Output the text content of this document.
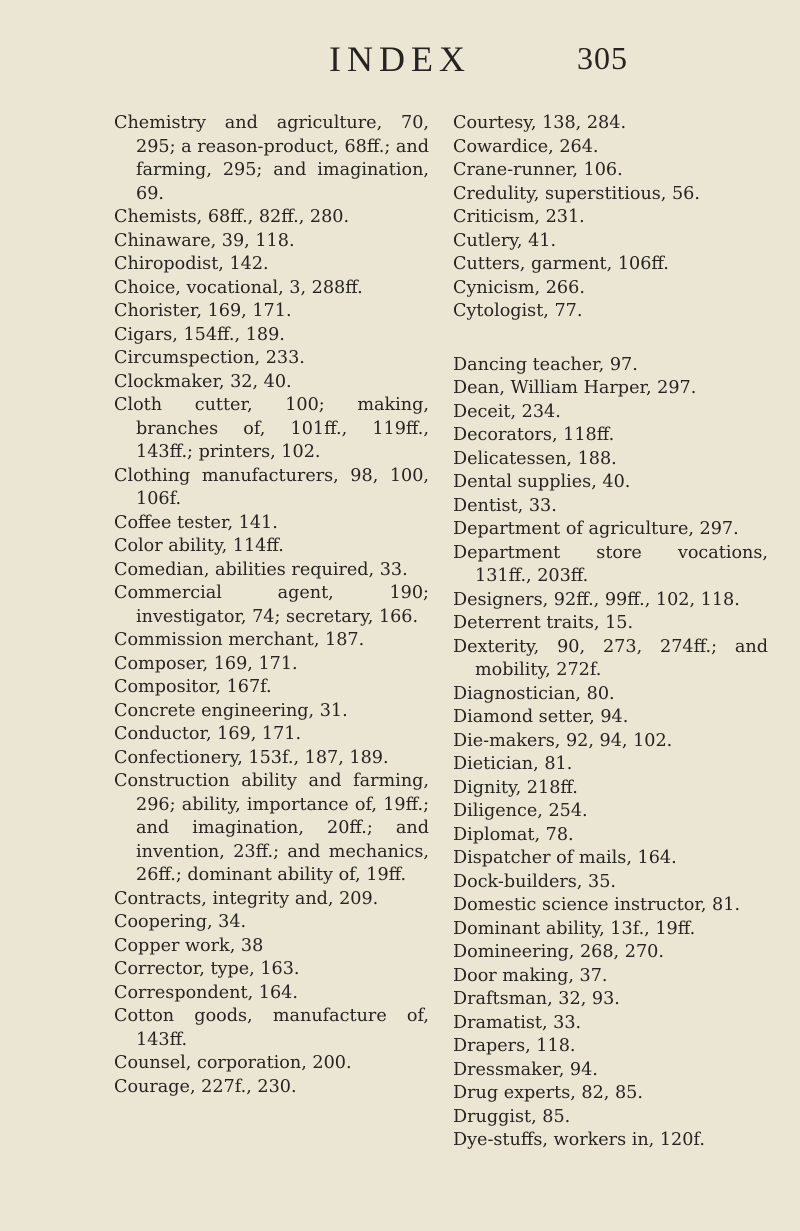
INDEX	305

Chemistry and agriculture, 70, 295; a reason-product, 68ff.; and farming, 295; and imagination, 69.

Chemists, 68ff., 82ff., 280.

Chinaware, 39, 118.

Chiropodist, 142.

Choice, vocational, 3, 288ff.

Chorister, 169, 171.

Cigars, 154ff., 189.

Circumspection, 233.

Clockmaker, 32, 40.

Cloth cutter, 100; making, branches of, 101ff., 119ff., 143ff.; printers, 102.

Clothing manufacturers, 98, 100, 106f.

Coffee tester, 141.

Color ability, 114ff.

Comedian, abilities required, 33.

Commercial agent, 190; investigator, 74; secretary, 166.

Commission merchant, 187.

Composer, 169, 171.

Compositor, 167f.

Concrete engineering, 31.

Conductor, 169, 171.

Confectionery, 153f., 187, 189.

Construction ability and farming, 296; ability, importance of, 19ff.; and imagination, 20ff.; and invention, 23ff.; and mechanics, 26ff.; dominant ability of, 19ff.

Contracts, integrity and, 209.

Coopering, 34.

Copper work, 38

Corrector, type, 163.

Correspondent, 164.

Cotton goods, manufacture of, 143ff.

Counsel, corporation, 200.

Courage, 227f., 230.

Courtesy, 138, 284.

Cowardice, 264.

Crane-runner, 106.

Credulity, superstitious, 56.

Criticism, 231.

Cutlery, 41.

Cutters, garment, 106ff.

Cynicism, 266.

Cytologist, 77.

Dancing teacher, 97.

Dean, William Harper, 297.

Deceit, 234.

Decorators, 118ff.

Delicatessen, 188.

Dental supplies, 40.

Dentist, 33.

Department of agriculture, 297.

Department store vocations, 131ff., 203ff.

Designers, 92ff., 99ff., 102, 118.

Deterrent traits, 15.

Dexterity, 90, 273, 274ff.; and mobility, 272f.

Diagnostician, 80.

Diamond setter, 94.

Die-makers, 92, 94, 102.

Dietician, 81.

Dignity, 218ff.

Diligence, 254.

Diplomat, 78.

Dispatcher of mails, 164.

Dock-builders, 35.

Domestic science instructor, 81.

Dominant ability, 13f., 19ff.

Domineering, 268, 270.

Door making, 37.

Draftsman, 32, 93.

Dramatist, 33.

Drapers, 118.

Dressmaker, 94.

Drug experts, 82, 85.

Druggist, 85.

Dye-stuffs, workers in, 120f.
